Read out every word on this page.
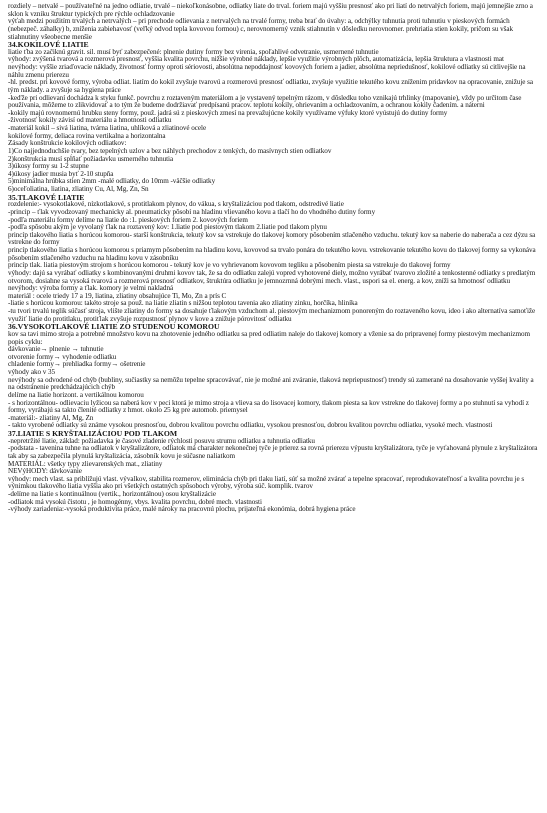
rozdiely – netvalé – používateľné na jedno odliatie, trvalé – niekoľkonásobne, odliatky liate do trval. foriem majú vyššiu presnosť ako pri liatí do netrvalých foriem, majú jemnejšie zrno a sklon k vzniku štruktur typických pre rýchle ochladzovanie
výťah medzi použitím trvalých a netrvalých – pri prechode odlievania z netrvalých na trvalé formy, treba brať do úvahy: a, odchýlky tuhnutia proti tuhnutiu v pieskových formách (nebezpeč. záhalky) b, zníženia zabiehavosť (veľký odvod tepla kovovou formou) c, nerovnomerný vznik stiahnutín v dôsledku nerovnomer. prehriatia stien kokily, pričom su však stiahnutiny všeobecne menšie
34.KOKILOVÉ LIATIE
liatie ťba zo začiknú gravit. sil. musí byť zabezpečené: plnenie dutiny formy bez virenia, spoľahlivé odvetranie, usmernené tuhnutie
výhody: zvýšená tvarová a rozmerová presnosť, vyššia kvalita povrchu, nižšie výrobné náklady, lepšie využitie výrobných plôch, automatizácia, lepšia štruktura a vlastnosti mat
nevýhody: vyššie zriaďovacie náklady, životnosť formy oproti sériovosti, absolútna nepoddajnosť kovových foriem a jadier, absolútna nepriedušnosť, kokilové odliatky sú citlivejšie na náhlu zmenu prierezu
-hl. predst. pri kovové formy, výroba odliat. liatím do kokil zvyšuje tvarovú a rozmerovú presnosť odliatku, zvyšuje využitie tekutého kovu zníženim pridavkov na opracovanie, znižuje sa tým náklady. a zvyšuje sa hygiena práce
-keďže pri odlievaní dochádza k styku funkč. povrchu z roztaveným materiálom a je vystavený tepelným rázom, v dôsledku toho vznikajú trhlinky (mapovanie), vždy po určitom čase používania, môžeme to zlikvidovať a to tým že budeme dodržiavať predpísanú pracov. teplotu kokily, ohrievaním a ochladzovaním, a ochranou kokily čadením. a náterni
-kokily majú rovnomernú hrubku steny formy, použ. jadrá sú z pieskových zmesí na prevažujúcne kokily využívame výfuky ktoré vyústujú do dutiny formy
-životnosť kokily závisí od materiálu a hmotnosti odliatku
-materiál kokil – sivá liatina, tvárna liatina, uhlíková a zliatinové ocele
kokilové formy, deliaca rovina vertikalna a horizontalna
Zásady konštrukcie kokilových odliatkov:
1)Co najjednoduchšie tvary, bez tepelných uzlov a bez náhlych prechodov z tenkých, do masívnych stien odliatkov
2)konštrukcia musí spĺňať požiadavku usmerného tuhnutia
3)úkosy formy su 1-2 stupne
4)úkosy jadier musia byť 2-10 stupňa
5)minimálna hrúbka stien 2mm -malé odliatky, do 10mm -väčšie odliatky
6)oceľoliatina, liatina, zliatiny Cu, Al, Mg, Zn, Sn
35.TLAKOVÉ LIATIE
rozdelenie:- vysokotlakové, nízkotlakové, s protitlakom plynov, do vákua, s kryštalizáciou pod tlakom, odstredivé liatie
-princip – ťlak vyvodzovaný mechanicky al. pneumaticky pôsobí na hladinu vlievaného kovu a tlačí ho do vhodného dutiny formy
-podľa materiálu formy delíme na liatie do :1. pieskových foriem 2. kovových foriem
-podľa spôsobu akým je vyvolaný ťlak na roztavený kov: 1.liatie pod piestovým tlakom 2.liatie pod tlakom plynu
princíp tlakového liatia s horúcou komorou- starší konštrukcia, tekutý kov sa vstrekuje do tlakovej komory pôsobením stlačeného vzduchu. tekutý kov sa naberie do naberača a cez dýzu sa vstrekne do formy
princíp tlakového liatia s horúcou komorou s priamym pôsobením na hladinu kovu, kovovod sa trvalo ponára do tekutého kovu. vstrekovanie tekutého kovu do tlakovej formy sa vykonáva pôsobením stlačeného vzduchu na hladinu kovu v zásobníku
princíp tlak. liatia piestovým strojom s horúcou komorou - tekutý kov je vo vyhrievanom kovovom tegliku a pôsobením piesta sa vstrekuje do tlakovej formy
výhody: dajú sa vyrábať odliatky s kombinovanými druhmi kovov tak, že sa do odliatku zalejú vopred vyhotovené diely, možno vyrábať tvarovo zložité a tenkostenné odliatky s predlatým otvorom, dosiahne sa vysoká tvarová a rozmerová presnosť odliatkov, štruktúra odliatku je jemnozrnná dobrými mech. vlast., uspori sa el. energ. a kov, zníži sa hmotnosť odliatku
nevýhody: výroba formy a ťlak. komory je velmi nakladná
materiál : ocele triedy 17 a 19, liatina, zliatiny obsahujúce Ti, Mo, Zn a prís C
-liatie s horúcou komorou: takéto stroje sa použ. na liatie zliatin s nižšou teplotou tavenia ako zliatiny zinku, horčíka, hliníka
-tu tvori trvalú teglik súčasť stroja, vlište zliatiny do formy sa dosahuje ťlakovým vzduchom al. piestovým mechanizmom ponoreným do roztaveného kovu, ideo i ako alternatíva samoťiže využiť liatie do protitlaku, protiťlak zvyšuje rozpustnosť plynov v kove a znižuje pórovitosť odliatku
36.VYSOKOTLAKOVÉ LIATIE ZO STUDENOU KOMOROU
kov sa tavi mimo stroja a potrebné množstvo kovu na zhotovenie jedného odliatku sa pred odliatim naleje do tlakovej komory a vženie sa do pripravenej formy piestovým mechanizmom
popis cyklu:
dávkovanie→ plnenie → tuhnutie
otvorenie formy→ vyhodenie odliatku
chladenie formy→ prehliadka formy→ ošetrenie
výhody ako v 35
nevýhody sa odvodené od chýb (bubliny, sučiastky sa nemôžu tepelne spracovávať, nie je možné ani zváranie, tlaková nepriepustnosť) trendy sú zamerané na dosahovanie vyššej kvality a na odstránenie predchádzajúcich chýb
delíme na liatie horizont. a vertikálnou komorou
- s horizontálnou- odlievaciu lyžicou sa naberá kov v peci ktorá je mimo stroja a vlieva sa do lisovacej komory, tlakom piesta sa kov vstrekne do tlakovej formy a po stuhnutí sa vyhodí z formy, vyrábajú sa takto členité odliatky z hmot. okolo 25 kg pre automob. priemysel
-materiál:- zliatiny Al, Mg, Zn
- takto vyrobené odliatky sú známe vysokou presnosťou, dobrou kvalitou povrchu odliatku, vysokou presnosťou, dobrou kvalitou povrchu odliatku, vysoké mech. vlastnosti
37.LIATIE S KRYŠTALIZÁCIOU POD TLAKOM
-nepretržité liatie, základ: požiadavka je časové zladenie rýchlosti posuvu strumu odliatku a tuhnutia odliatku
-podstata - tavenina tuhne na odliatok v kryštalizátore, odliatok má charakter nekonečnej tyče je prierez sa rovná prierezu výpustu kryštalizátora, tyče je vyťahovaná plynule z kryštalizátora tak aby sa zabezpečila plynulá kryštalizácia, zásobník kovu je súčasne naliatkom
MATERIÁL: všetky typy zlievarenských mat., zliatiny
NEVýHODY: dávkovanie
výhody: mech vlast. sa priblížujú vlast. vývalkov, stabilita rozmerov, eliminácia chýb pri tlaku liatí, súť sa možné zvárať a tepelne spracovať, reprodukovateľnosť a kvalita povrchu je s výnimkou tlakového liatia vyššia ako pri všetkých ostatných spôsoboch výroby, výroba súč. komplik. tvarov
-delíme na liatie s kontinuálnou (vertik., horizontálnou) osou kryštalizácie
-odliatok má vysokú čistotu , je homogénny, vbys. kvalita povrchu, dobré mech. vlastnosti
-výhody zariadenia:-vysoká produktivita práce, malé nároky na pracovnú plochu, prijateľná ekonómia, dobrá hygiena práce
